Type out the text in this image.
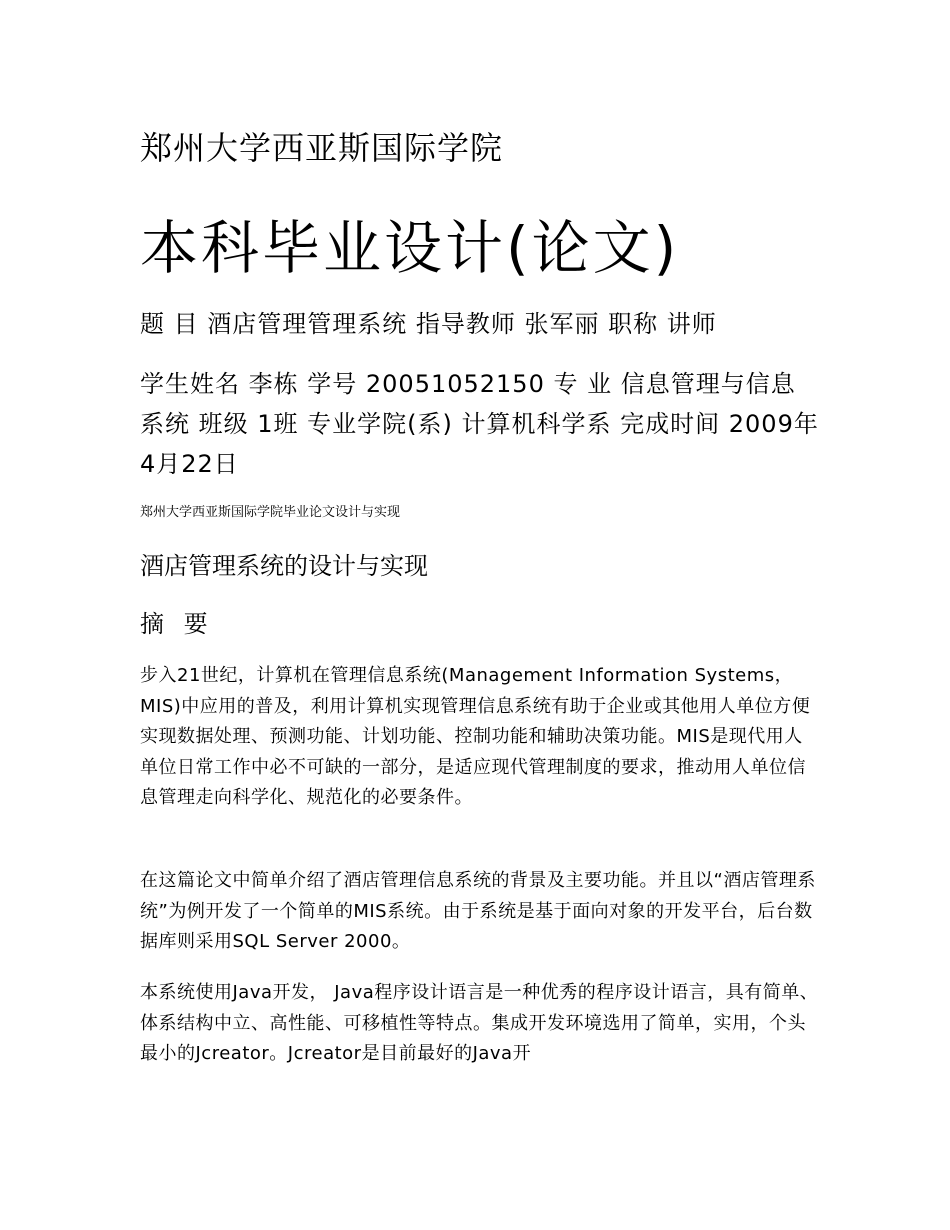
郑州大学西亚斯国际学院
本科毕业设计(论文)

题 目 酒店管理管理系统 指导教师 张军丽 职称 讲师

学生姓名 李栋 学号 20051052150 专 业 信息管理与信息系统 班级 1班 专业学院(系) 计算机科学系 完成时间 2009年4月22日

郑州大学西亚斯国际学院毕业论文设计与实现

酒店管理系统的设计与实现
摘 要

步入21世纪，计算机在管理信息系统(Management Information Systems，MIS)中应用的普及，利用计算机实现管理信息系统有助于企业或其他用人单位方便实现数据处理、预测功能、计划功能、控制功能和辅助决策功能。MIS是现代用人单位日常工作中必不可缺的一部分，是适应现代管理制度的要求，推动用人单位信息管理走向科学化、规范化的必要条件。

在这篇论文中简单介绍了酒店管理信息系统的背景及主要功能。并且以“酒店管理系统”为例开发了一个简单的MIS系统。由于系统是基于面向对象的开发平台，后台数据库则采用SQL Server 2000。

本系统使用Java开发， Java程序设计语言是一种优秀的程序设计语言，具有简单、体系结构中立、高性能、可移植性等特点。集成开发环境选用了简单，实用，个头最小的Jcreator。Jcreator是目前最好的Java开
